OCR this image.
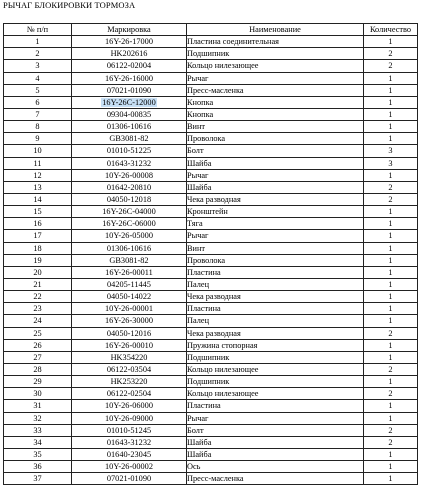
РЫЧАГ БЛОКИРОВКИ ТОРМОЗА
№ п/п	Маркировка	Наименование	Количество
1	16Y-26-17000	Пластина соединительная	1
2	HK202616	Подшипник	2
3	06122-02004	Кольцо нилезающее	2
4	16Y-26-16000	Рычаг	1
5	07021-01090	Пресс-масленка	1
6	16Y-26C-12000	Кнопка	1
7	09304-00835	Кнопка	1
8	01306-10616	Винт	1
9	GB3081-82	Проволока	1
10	01010-51225	Болт	3
11	01643-31232	Шайба	3
12	10Y-26-00008	Рычаг	1
13	01642-20810	Шайба	2
14	04050-12018	Чека разводная	2
15	16Y-26C-04000	Кронштейн	1
16	16Y-26C-06000	Тяга	1
17	10Y-26-05000	Рычаг	1
18	01306-10616	Винт	1
19	GB3081-82	Проволока	1
20	16Y-26-00011	Пластина	1
21	04205-11445	Палец	1
22	04050-14022	Чека разводная	1
23	10Y-26-00001	Пластина	1
24	16Y-26-30000	Палец	1
25	04050-12016	Чека разводная	2
26	16Y-26-00010	Пружина стопорная	1
27	HK354220	Подшипник	1
28	06122-03504	Кольцо нилезающее	2
29	HK253220	Подшипник	1
30	06122-02504	Кольцо нилезающее	2
31	10Y-26-06000	Пластина	1
32	10Y-26-09000	Рычаг	1
33	01010-51245	Болт	2
34	01643-31232	Шайба	2
35	01640-23045	Шайба	1
36	10Y-26-00002	Ось	1
37	07021-01090	Пресс-масленка	1
